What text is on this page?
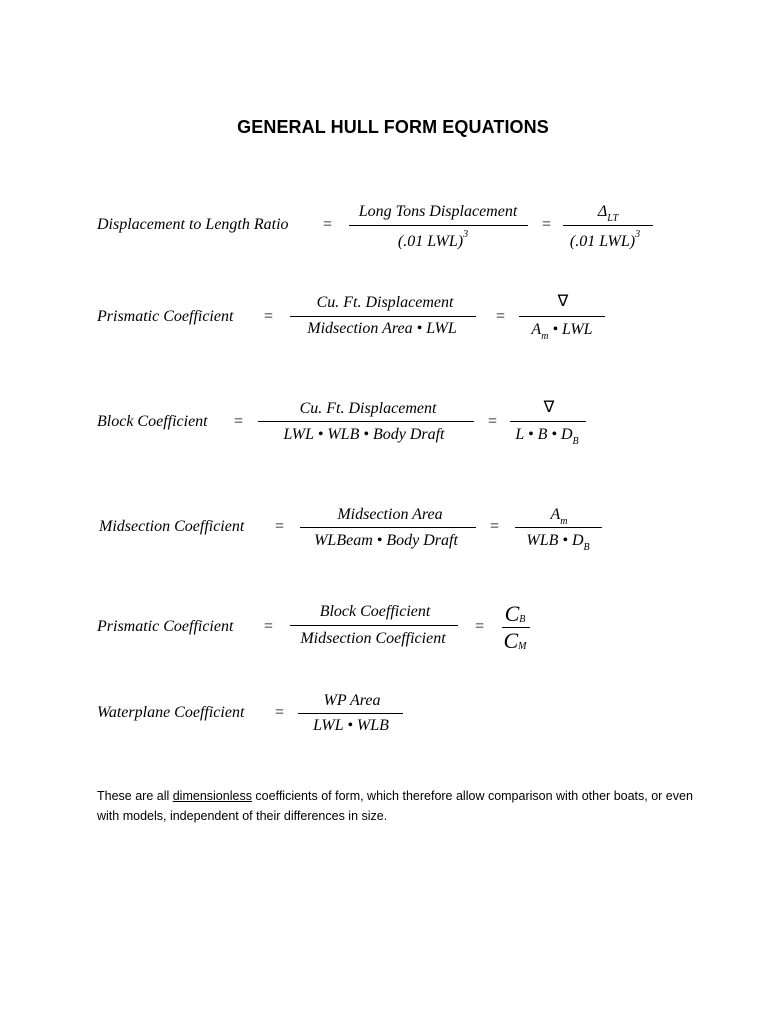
GENERAL HULL FORM EQUATIONS
Displacement to Length Ratio =
Long Tons Displacement
(.01 LWL)$^3$
=
$\Delta_{LT}$
(.01 LWL)$^3$
Prismatic Coefficient =
Cu. Ft. Displacement
Midsection Area • LWL
=
∇
$A_m$ • LWL
Block Coefficient =
Cu. Ft. Displacement
LWL • WLB • Body Draft
=
∇
L • B • $D_B$
Midsection Coefficient =
Midsection Area
WLBeam • Body Draft
=
$A_m$
WLB • $D_B$
Prismatic Coefficient =
Block Coefficient
Midsection Coefficient
=
CB
CM
Waterplane Coefficient =
WP Area
LWL • WLB

These are all dimensionless coefficients of form, which therefore allow comparison with other boats, or even with models, independent of their differences in size.
